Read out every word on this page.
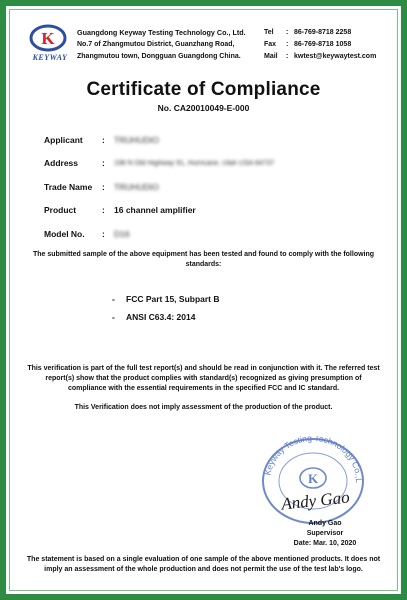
K
KEYWAY
Guangdong Keyway Testing Technology Co., Ltd.
No.7 of Zhangmutou District, Guanzhang Road,
Zhangmutou town, Dongguan Guangdong China.
Tel	: 86-769-8718 2258
Fax	: 86-769-8718 1058
Mail	: kwtest@keywaytest.com
Certificate of Compliance
No. CA20010049-E-000
Applicant	:	TRUHUDIO
Address	:	198 N Old Highway 91, Hurricane, Utah USA 84737
Trade Name	:	TRUHUDIO
Product	:	16 channel amplifier
Model No.	:	D16
The submitted sample of the above equipment has been tested and found to comply with the following standards:
-	FCC Part 15, Subpart B
-	ANSI C63.4: 2014
This verification is part of the full test report(s) and should be read in conjunction with it. The referred test report(s) show that the product complies with standard(s) recognized as giving presumption of compliance with the essential requirements in the specified FCC and IC standard.
This Verification does not imply assessment of the production of the product.
Keyway Testing Technology Co.,L
K
Andy Gao
Andy Gao
Supervisor
Date: Mar. 10, 2020
The statement is based on a single evaluation of one sample of the above mentioned products. It does not imply an assessment of the whole production and does not permit the use of the test lab's logo.
